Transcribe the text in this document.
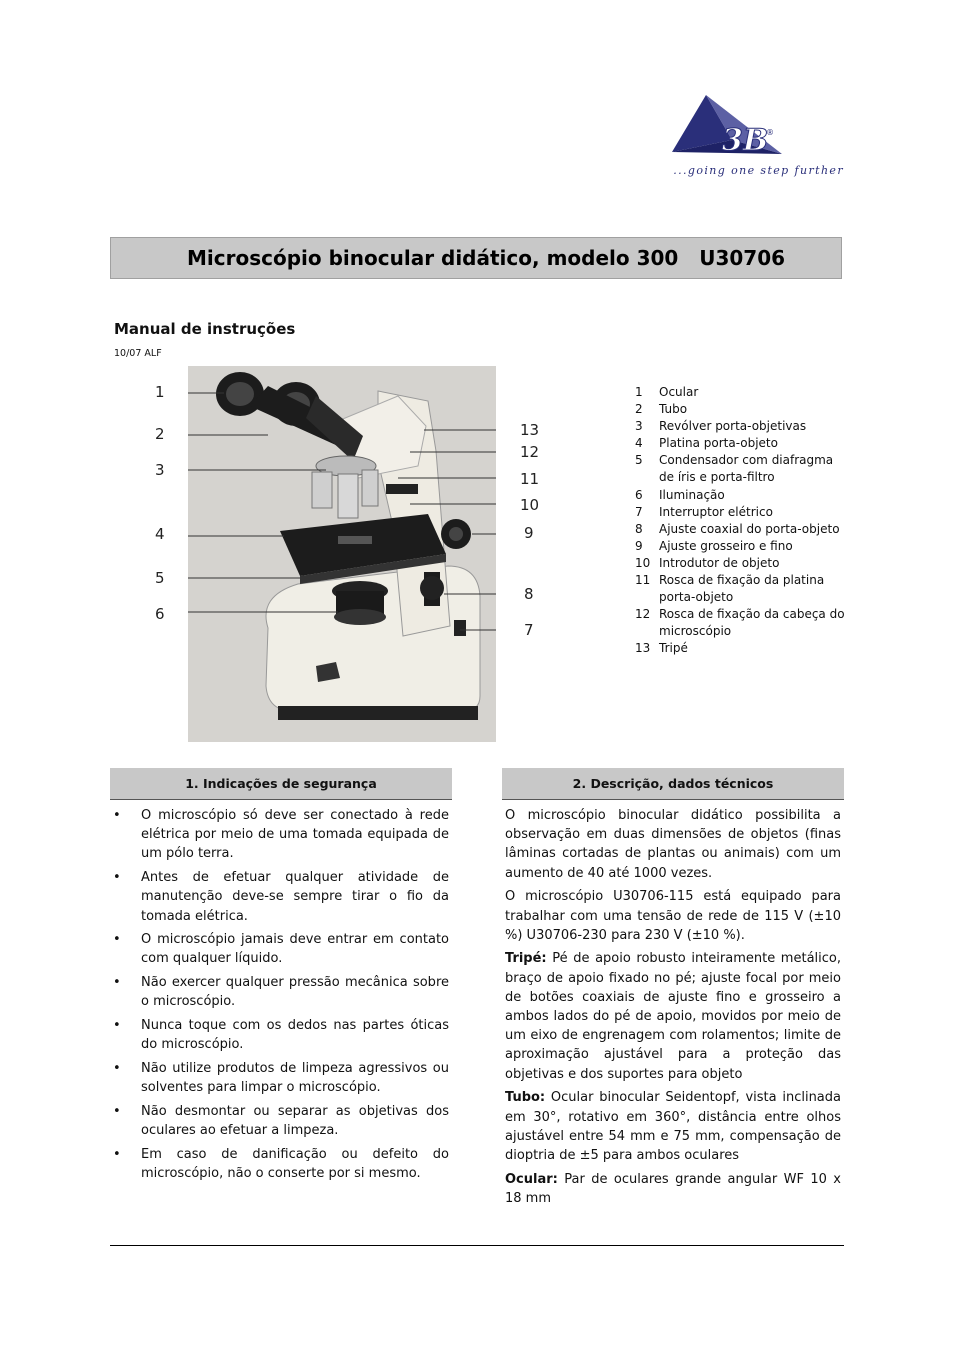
3B
®
...going one step further
Microscópio binocular didático, modelo 300   U30706
Manual de instruções
10/07 ALF
1
2
3
4
5
6
13
12
11
10
9
8
7
1 Ocular
2 Tubo
3 Revólver porta-objetivas
4 Platina porta-objeto
5 Condensador com diafragma de íris e porta-filtro
6 Iluminação
7 Interruptor elétrico
8 Ajuste coaxial do porta-objeto
9 Ajuste grosseiro e fino
10 Introdutor de objeto
11 Rosca de fixação da platina porta-objeto
12 Rosca de fixação da cabeça do microscópio
13 Tripé
1. Indicações de segurança	2. Descrição, dados técnicos
• O microscópio só deve ser conectado à rede elétrica por meio de uma tomada equipada de um pólo terra.
• Antes de efetuar qualquer atividade de manutenção deve-se sempre tirar o fio da tomada elétrica.
• O microscópio jamais deve entrar em contato com qualquer líquido.
• Não exercer qualquer pressão mecânica sobre o microscópio.
• Nunca toque com os dedos nas partes óticas do microscópio.
• Não utilize produtos de limpeza agressivos ou solventes para limpar o microscópio.
• Não desmontar ou separar as objetivas dos oculares ao efetuar a limpeza.
• Em caso de danificação ou defeito do microscópio, não o conserte por si mesmo.

O microscópio binocular didático possibilita a observação em duas dimensões de objetos (finas lâminas cortadas de plantas ou animais) com um aumento de 40 até 1000 vezes.

O microscópio U30706-115 está equipado para trabalhar com uma tensão de rede de 115 V (±10 %) U30706-230 para 230 V (±10 %).

Tripé: Pé de apoio robusto inteiramente metálico, braço de apoio fixado no pé; ajuste focal por meio de botões coaxiais de ajuste fino e grosseiro a ambos lados do pé de apoio, movidos por meio de um eixo de engrenagem com rolamentos; limite de aproximação ajustável para a proteção das objetivas e dos suportes para objeto

Tubo: Ocular binocular Seidentopf, vista inclinada em 30°, rotativo em 360°, distância entre olhos ajustável entre 54 mm e 75 mm, compensação de dioptria de ±5 para ambos oculares

Ocular: Par de oculares grande angular WF 10 x 18 mm
